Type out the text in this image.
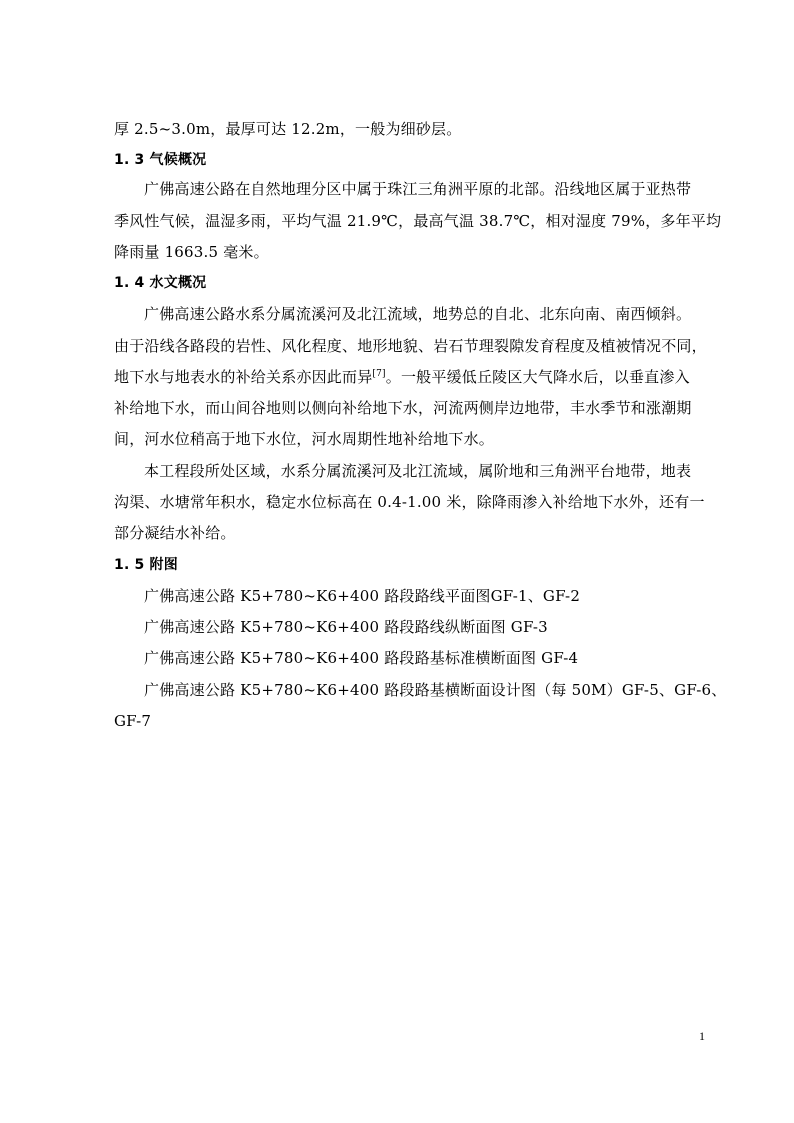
厚 2.5~3.0m，最厚可达 12.2m，一般为细砂层。
1. 3 气候概况
广佛高速公路在自然地理分区中属于珠江三角洲平原的北部。沿线地区属于亚热带
季风性气候，温湿多雨，平均气温 21.9℃，最高气温 38.7℃，相对湿度 79%，多年平均
降雨量 1663.5 毫米。
1. 4 水文概况
广佛高速公路水系分属流溪河及北江流域，地势总的自北、北东向南、南西倾斜。
由于沿线各路段的岩性、风化程度、地形地貌、岩石节理裂隙发育程度及植被情况不同，
地下水与地表水的补给关系亦因此而异[7]。一般平缓低丘陵区大气降水后，以垂直渗入
补给地下水，而山间谷地则以侧向补给地下水，河流两侧岸边地带，丰水季节和涨潮期
间，河水位稍高于地下水位，河水周期性地补给地下水。
本工程段所处区域，水系分属流溪河及北江流域，属阶地和三角洲平台地带，地表
沟渠、水塘常年积水，稳定水位标高在 0.4-1.00 米，除降雨渗入补给地下水外，还有一
部分凝结水补给。
1. 5 附图
广佛高速公路 K5+780~K6+400 路段路线平面图GF-1、GF-2
广佛高速公路 K5+780~K6+400 路段路线纵断面图 GF-3
广佛高速公路 K5+780~K6+400 路段路基标准横断面图 GF-4
广佛高速公路 K5+780~K6+400 路段路基横断面设计图（每 50M）GF-5、GF-6、
GF-7
1
